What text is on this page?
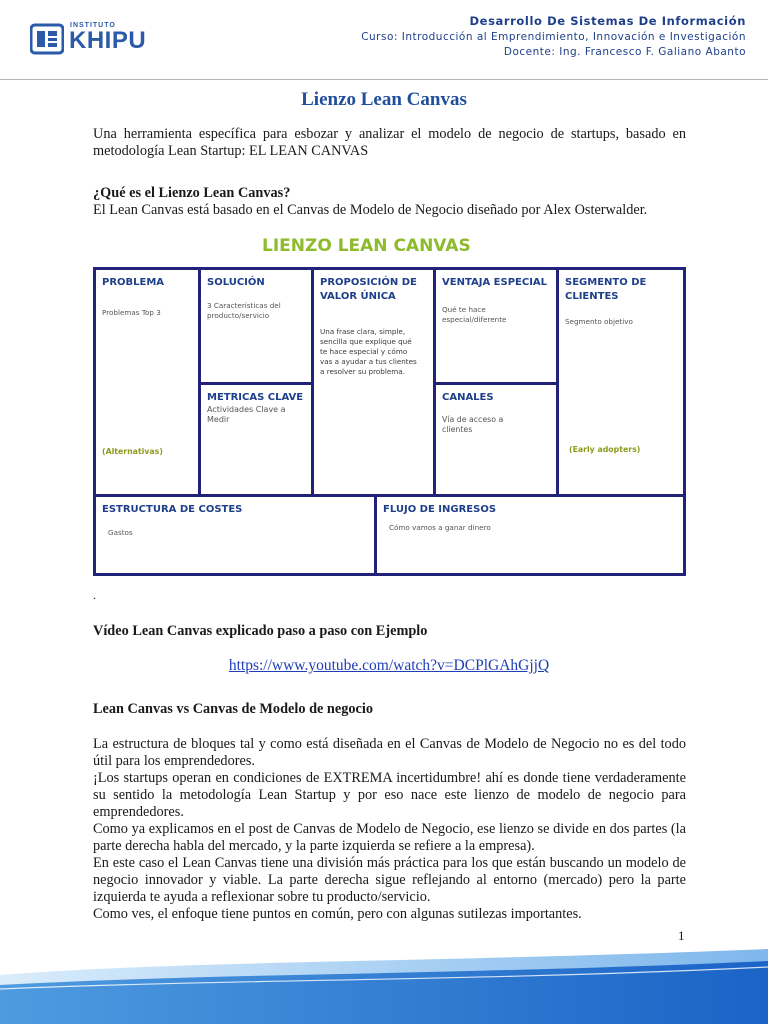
INSTITUTO
KHIPU
Desarrollo De Sistemas De Información
Curso: Introducción al Emprendimiento, Innovación e Investigación
Docente: Ing. Francesco F. Galiano Abanto
Lienzo Lean Canvas
Una herramienta específica para esbozar y analizar el modelo de negocio de startups, basado en metodología Lean Startup: EL LEAN CANVAS
¿Qué es el Lienzo Lean Canvas?
El Lean Canvas está basado en el Canvas de Modelo de Negocio diseñado por Alex Osterwalder.
LIENZO LEAN CANVAS
PROBLEMA
Problemas Top 3
(Alternativas)
SOLUCIÓN
3 Características del producto/servicio
METRICAS CLAVE
Actividades Clave a Medir
PROPOSICIÓN DE VALOR ÚNICA
Una frase clara, simple, sencilla que explique qué te hace especial y cómo vas a ayudar a tus clientes a resolver su problema.
VENTAJA ESPECIAL
Qué te hace especial/diferente
CANALES
Vía de acceso a clientes
SEGMENTO DE CLIENTES
Segmento objetivo
(Early adopters)
ESTRUCTURA DE COSTES
Gastos
FLUJO DE INGRESOS
Cómo vamos a ganar dinero
.
Vídeo Lean Canvas explicado paso a paso con Ejemplo
https://www.youtube.com/watch?v=DCPlGAhGjjQ
Lean Canvas vs Canvas de Modelo de negocio

La estructura de bloques tal y como está diseñada en el Canvas de Modelo de Negocio no es del todo útil para los emprendedores.

¡Los startups operan en condiciones de EXTREMA incertidumbre! ahí es donde tiene verdaderamente su sentido la metodología Lean Startup y por eso nace este lienzo de modelo de negocio para emprendedores.

Como ya explicamos en el post de Canvas de Modelo de Negocio, ese lienzo se divide en dos partes (la parte derecha habla del mercado, y la parte izquierda se refiere a la empresa).

En este caso el Lean Canvas tiene una división más práctica para los que están buscando un modelo de negocio innovador y viable. La parte derecha sigue reflejando al entorno (mercado) pero la parte izquierda te ayuda a reflexionar sobre tu producto/servicio.

Como ves, el enfoque tiene puntos en común, pero con algunas sutilezas importantes.

1
